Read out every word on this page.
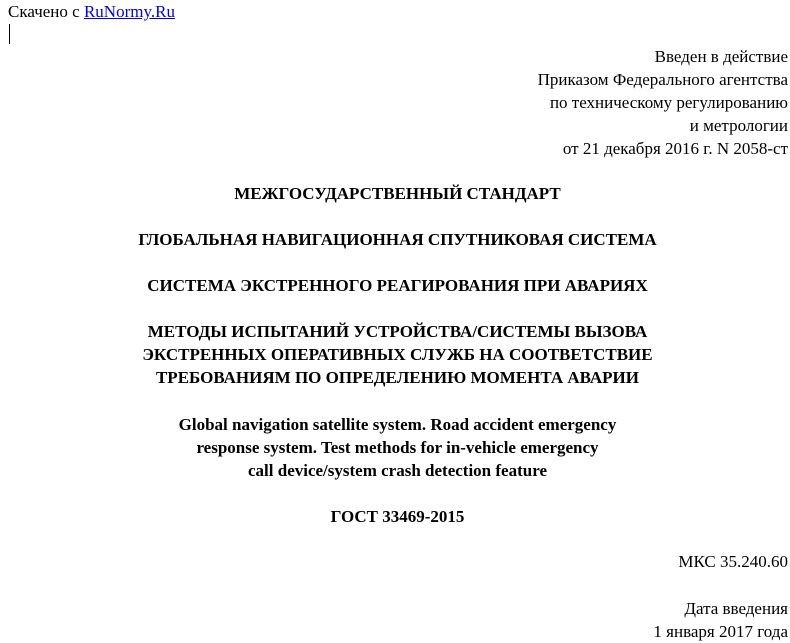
Скачено с RuNormy.Ru

Введен в действие
Приказом Федерального агентства
по техническому регулированию
и метрологии
от 21 декабря 2016 г. N 2058-ст
МЕЖГОСУДАРСТВЕННЫЙ СТАНДАРТ
ГЛОБАЛЬНАЯ НАВИГАЦИОННАЯ СПУТНИКОВАЯ СИСТЕМА
СИСТЕМА ЭКСТРЕННОГО РЕАГИРОВАНИЯ ПРИ АВАРИЯХ
МЕТОДЫ ИСПЫТАНИЙ УСТРОЙСТВА/СИСТЕМЫ ВЫЗОВА
ЭКСТРЕННЫХ ОПЕРАТИВНЫХ СЛУЖБ НА СООТВЕТСТВИЕ
ТРЕБОВАНИЯМ ПО ОПРЕДЕЛЕНИЮ МОМЕНТА АВАРИИ
Global navigation satellite system. Road accident emergency
response system. Test methods for in-vehicle emergency
call device/system crash detection feature
ГОСТ 33469-2015

МКС 35.240.60

Дата введения

1 января 2017 года
